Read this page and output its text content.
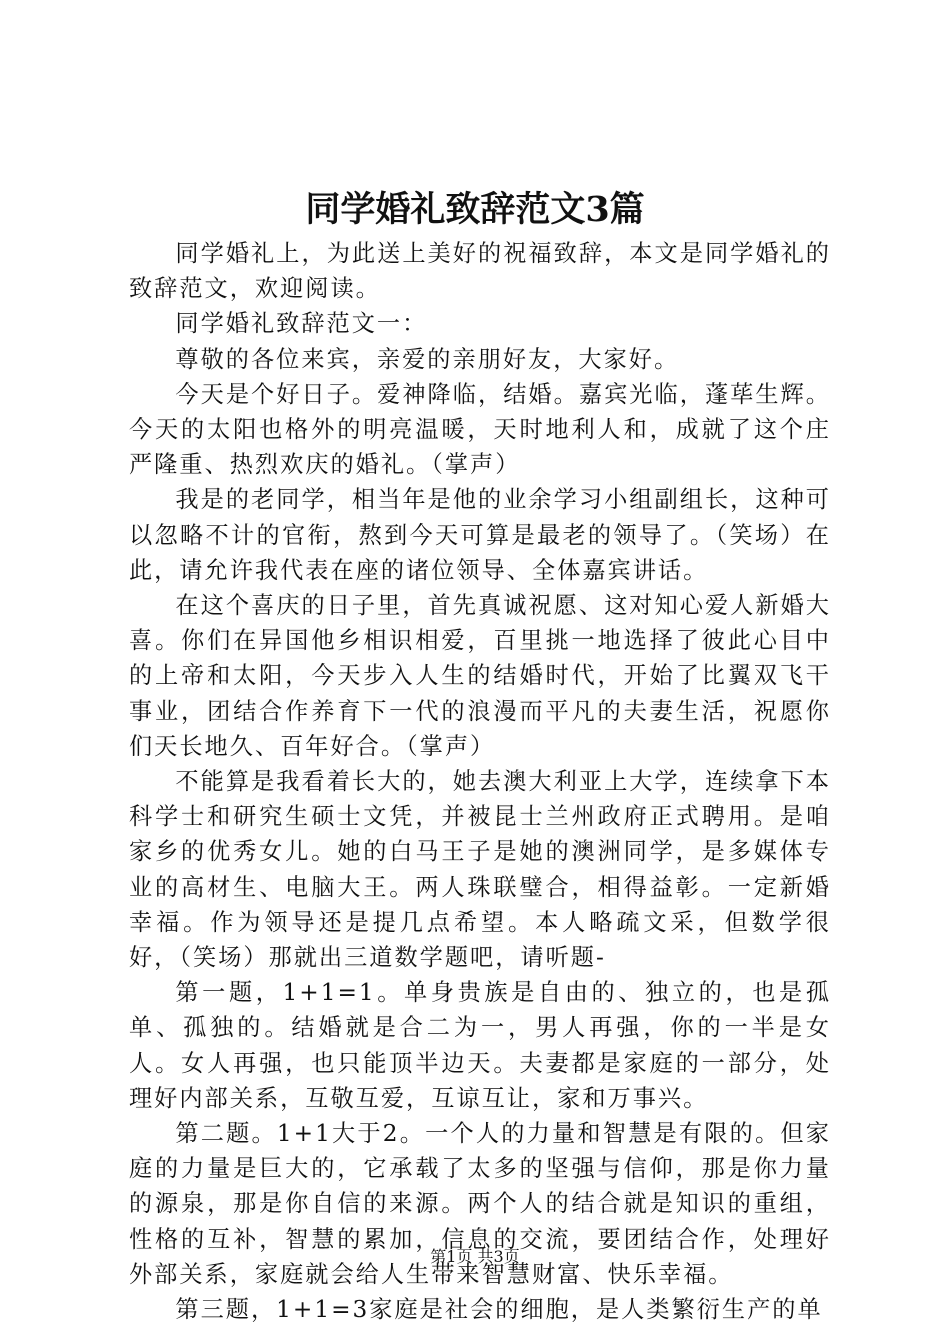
同学婚礼致辞范文3篇

同学婚礼上，为此送上美好的祝福致辞，本文是同学婚礼的致辞范文，欢迎阅读。

同学婚礼致辞范文一：

尊敬的各位来宾，亲爱的亲朋好友，大家好。

今天是个好日子。爱神降临，结婚。嘉宾光临，蓬荜生辉。今天的太阳也格外的明亮温暖，天时地利人和，成就了这个庄严隆重、热烈欢庆的婚礼。（掌声）

我是的老同学，相当年是他的业余学习小组副组长，这种可以忽略不计的官衔，熬到今天可算是最老的领导了。（笑场）在此，请允许我代表在座的诸位领导、全体嘉宾讲话。

在这个喜庆的日子里，首先真诚祝愿、这对知心爱人新婚大喜。你们在异国他乡相识相爱，百里挑一地选择了彼此心目中的上帝和太阳，今天步入人生的结婚时代，开始了比翼双飞干事业，团结合作养育下一代的浪漫而平凡的夫妻生活，祝愿你们天长地久、百年好合。（掌声）

不能算是我看着长大的，她去澳大利亚上大学，连续拿下本科学士和研究生硕士文凭，并被昆士兰州政府正式聘用。是咱家乡的优秀女儿。她的白马王子是她的澳洲同学，是多媒体专业的高材生、电脑大王。两人珠联璧合，相得益彰。一定新婚幸福。作为领导还是提几点希望。本人略疏文采，但数学很好，（笑场）那就出三道数学题吧，请听题-

第一题，1+1=1。单身贵族是自由的、独立的，也是孤单、孤独的。结婚就是合二为一，男人再强，你的一半是女人。女人再强，也只能顶半边天。夫妻都是家庭的一部分，处理好内部关系，互敬互爱，互谅互让，家和万事兴。

第二题。1+1大于2。一个人的力量和智慧是有限的。但家庭的力量是巨大的，它承载了太多的坚强与信仰，那是你力量的源泉，那是你自信的来源。两个人的结合就是知识的重组，性格的互补，智慧的累加，信息的交流，要团结合作，处理好外部关系，家庭就会给人生带来智慧财富、快乐幸福。

第三题，1+1=3家庭是社会的细胞，是人类繁衍生产的单

第1页 共3页
